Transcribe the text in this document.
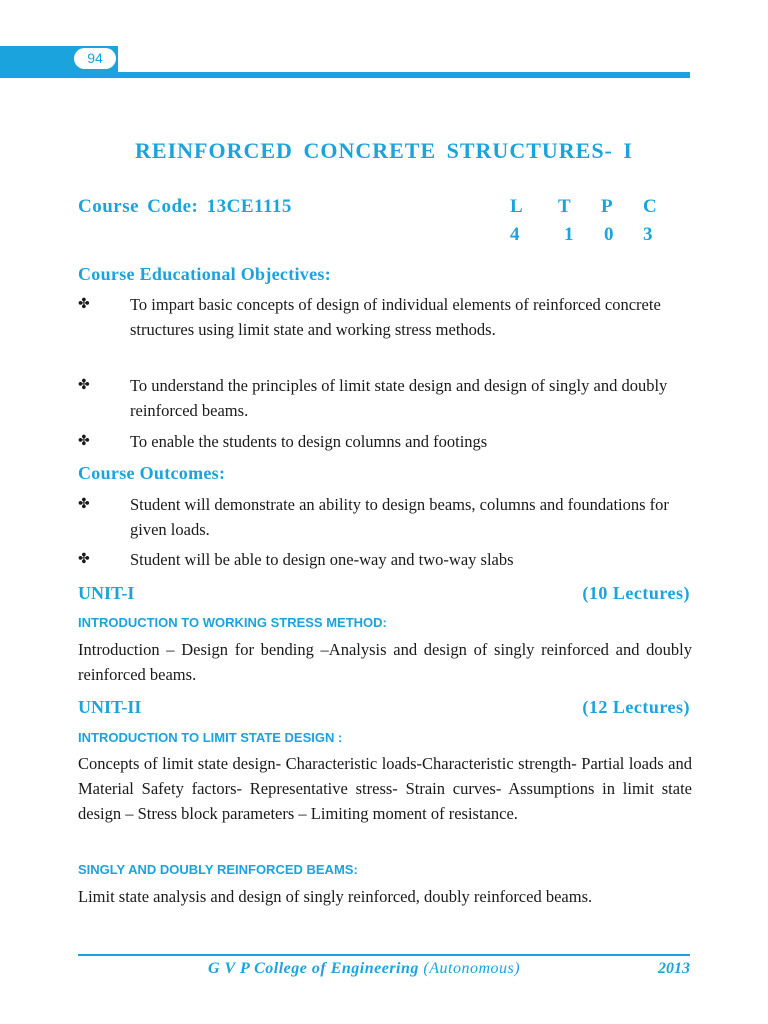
94
REINFORCED CONCRETE STRUCTURES- I
Course Code: 13CE1115	L T P C
4 1 0 3
Course Educational Objectives:
✤ To impart basic concepts of design of individual elements of reinforced concrete structures using limit state and working stress methods.
✤ To understand the principles of limit state design and design of singly and doubly reinforced beams.
✤ To enable the students to design columns and footings
Course Outcomes:
✤ Student will demonstrate an ability to design beams, columns and foundations for given loads.
✤ Student will be able to design one-way and two-way slabs
UNIT-I	(10 Lectures)
INTRODUCTION TO WORKING STRESS METHOD:
Introduction – Design for bending –Analysis and design of singly reinforced and doubly reinforced beams.
UNIT-II	(12 Lectures)
INTRODUCTION TO LIMIT STATE DESIGN :
Concepts of limit state design- Characteristic loads-Characteristic strength- Partial loads and Material Safety factors- Representative stress- Strain curves- Assumptions in limit state design – Stress block parameters – Limiting moment of resistance.
SINGLY AND DOUBLY REINFORCED BEAMS:
Limit state analysis and design of singly reinforced, doubly reinforced beams.
G V P College of Engineering (Autonomous)	2013
